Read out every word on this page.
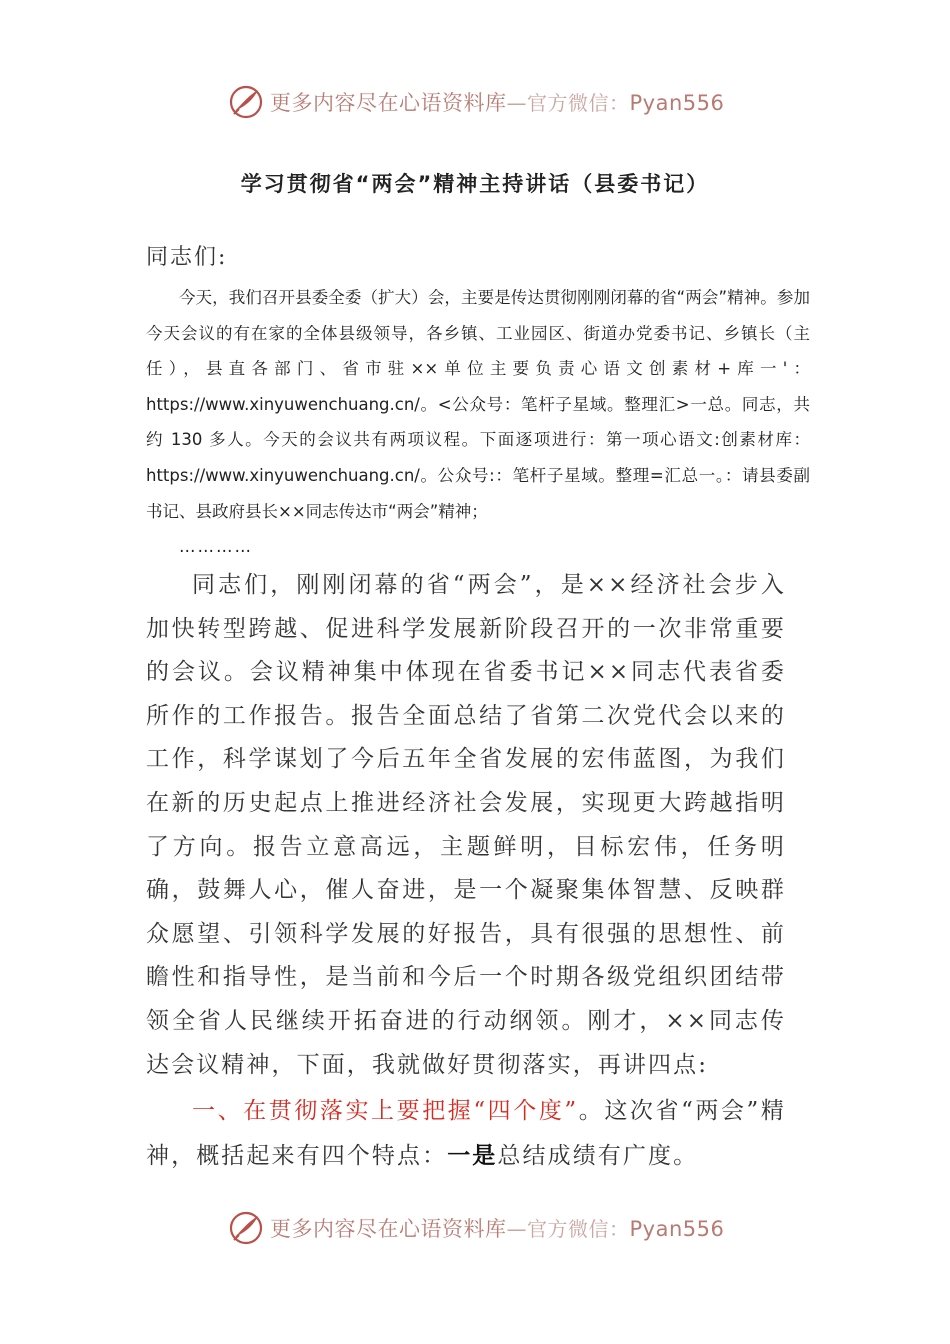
更多内容尽在心语资料库—官方微信：Pyan556
学习贯彻省“两会”精神主持讲话（县委书记）
同志们:
今天，我们召开县委全委（扩大）会，主要是传达贯彻刚刚闭幕的省“两会”精神。参加今天会议的有在家的全体县级领导，各乡镇、工业园区、街道办党委书记、乡镇长（主任），县直各部门、省市驻××单位主要负责心语文创素材+库一'：https://www.xinyuwenchuang.cn/。<公众号：笔杆子星域。整理汇>一总。同志，共约 130 多人。今天的会议共有两项议程。下面逐项进行：第一项心语文:创素材库：https://www.xinyuwenchuang.cn/。公众号:：笔杆子星域。整理=汇总一。：请县委副书记、县政府县长××同志传达市“两会”精神；
…………
同志们，刚刚闭幕的省“两会”，是××经济社会步入加快转型跨越、促进科学发展新阶段召开的一次非常重要的会议。会议精神集中体现在省委书记××同志代表省委所作的工作报告。报告全面总结了省第二次党代会以来的工作，科学谋划了今后五年全省发展的宏伟蓝图，为我们在新的历史起点上推进经济社会发展，实现更大跨越指明了方向。报告立意高远，主题鲜明，目标宏伟，任务明确，鼓舞人心，催人奋进，是一个凝聚集体智慧、反映群众愿望、引领科学发展的好报告，具有很强的思想性、前瞻性和指导性，是当前和今后一个时期各级党组织团结带领全省人民继续开拓奋进的行动纲领。刚才，××同志传达会议精神，下面，我就做好贯彻落实，再讲四点:
一、在贯彻落实上要把握“四个度”。这次省“两会”精神，概括起来有四个特点：一是总结成绩有广度。
更多内容尽在心语资料库—官方微信：Pyan556
